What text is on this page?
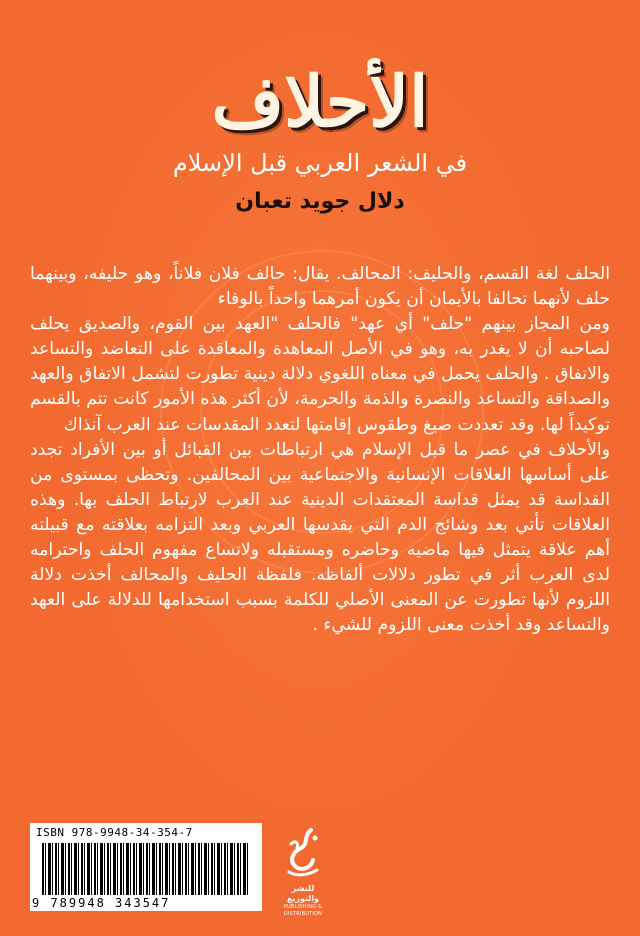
الأحلاف
في الشعر العربي قبل الإسلام
دلال جويد تعبان

الحلف لغة القسم، والحليف: المحالف. يقال: حالف فلان فلاناً، وهو حليفه، وبينهما حلف لأنهما تحالفا بالأيمان أن يكون أمرهما واحداً بالوفاء

ومن المجاز بينهم "حلف" أي عهد" فالحلف "العهد بين القوم، والصديق يحلف لصاحبه أن لا يغدر به، وهو في الأصل المعاهدة والمعاقدة على التعاضد والتساعد والاتفاق . والحلف يحمل في معناه اللغوي دلالة دينية تطورت لتشمل الاتفاق والعهد والصداقة والتساعد والنصرة والذمة والحرمة، لأن أكثر هذه الأمور كانت تتم بالقسم توكيداً لها. وقد تعددت صيغ وطقوس إقامتها لتعدد المقدسات عند العرب آنذاك

والأحلاف في عصر ما قبل الإسلام هي ارتباطات بين القبائل أو بين الأفراد تجدد على أساسها العلاقات الإنسانية والاجتماعية بين المحالفين. وتحظى بمستوى من القداسة قد يمثل قداسة المعتقدات الدينية عند العرب لارتباط الحلف بها. وهذه العلاقات تأتي بعد وشائج الدم التي يقدسها العربي وبعد التزامه بعلاقته مع قبيلته أهم علاقة يتمثل فيها ماضيه وحاضره ومستقبله ولاتساع مفهوم الحلف واحترامه لدى العرب أثر في تطور دلالات ألفاظه. فلفظة الحليف والمحالف أخذت دلالة اللزوم لأنها تطورت عن المعنى الأصلي للكلمة بسبب استخدامها للدلالة على العهد والتساعد وقد أخذت معنى اللزوم للشيء .

ISBN 978-9948-34-354-7
9 789948 343547
للنشر والتوزيع
PUBLISHING & DISTRIBUTION
